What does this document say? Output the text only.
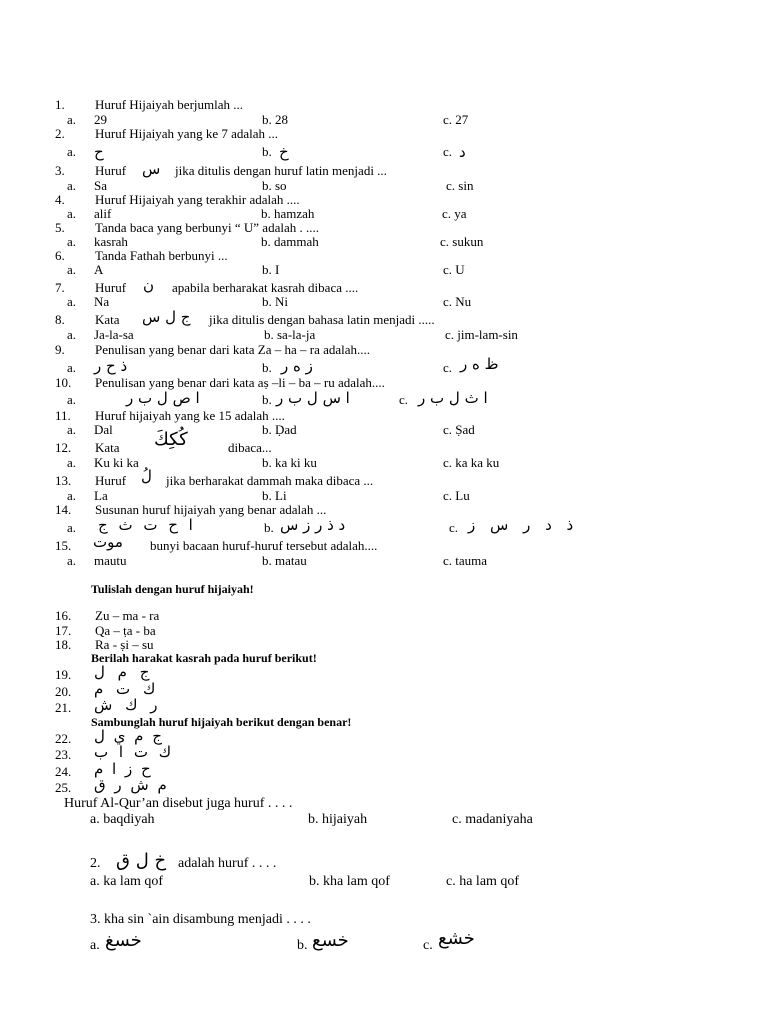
1. Huruf Hijaiyah berjumlah ...
a. 29	b. 28	c. 27
2. Huruf Hijaiyah yang ke 7 adalah ...
a. ح	b. خ	c. د
3. Huruf س jika ditulis dengan huruf latin menjadi ...
a. Sa	b. so	c. sin
4. Huruf Hijaiyah yang terakhir adalah ....
a. alif	b. hamzah	c. ya
5. Tanda baca yang berbunyi “ U” adalah . ....
a. kasrah	b. dammah	c. sukun
6. Tanda Fathah berbunyi ...
a. A	b. I	c. U
7. Huruf ن apabila berharakat kasrah dibaca ....
a. Na	b. Ni	c. Nu
8. Kata ج ل س jika ditulis dengan bahasa latin menjadi .....
a. Ja-la-sa	b. sa-la-ja	c. jim-lam-sin
9. Penulisan yang benar dari kata Za – ha – ra adalah....
a. ذ ح ر	b. ز ه ر	c. ظ ه ر
10. Penulisan yang benar dari kata aṣ –li – ba – ru adalah....
a.	ا ص ل ب ر	b. ا س ل ب ر	c. ا ث ل ب ر
11. Huruf hijaiyah yang ke 15 adalah ....
a. Dal	b. Ḍad	c. Ṣad
12. Kata كُكِكَ	dibaca...
a. Ku ki ka	b. ka ki ku	c. ka ka ku
13. Huruf لُ jika berharakat dammah maka dibaca ...
a. La	b. Li	c. Lu
14. Susunan huruf hijaiyah yang benar adalah ...
a. ا ح ت ث ج	b. د ذ ر ز س	c. ذ د ر س ز
15. موت bunyi bacaan huruf-huruf tersebut adalah....
a. mautu	b. matau	c. tauma
Tulislah dengan huruf hijaiyah!
16. Zu – ma - ra
17. Qa – ṭa - ba
18. Ra - ṣi – su
Berilah harakat kasrah pada huruf berikut!
19. ج م ل
20. ك ت م
21. ر ك ش
Sambunglah huruf hijaiyah berikut dengan benar!
22. ج م ي ل
23. ك ت ا ب
24. ح ز ا م
25. م ش ر ق
Huruf Al-Qur’an disebut juga huruf . . . .
a. baqdiyah	b. hijaiyah	c. madaniyaha
2. خ ل ق adalah huruf . . . .
a. ka lam qof	b. kha lam qof	c. ha lam qof
3. kha sin `ain disambung menjadi . . . .
a. خسغ	b. خسع	c. خشع
